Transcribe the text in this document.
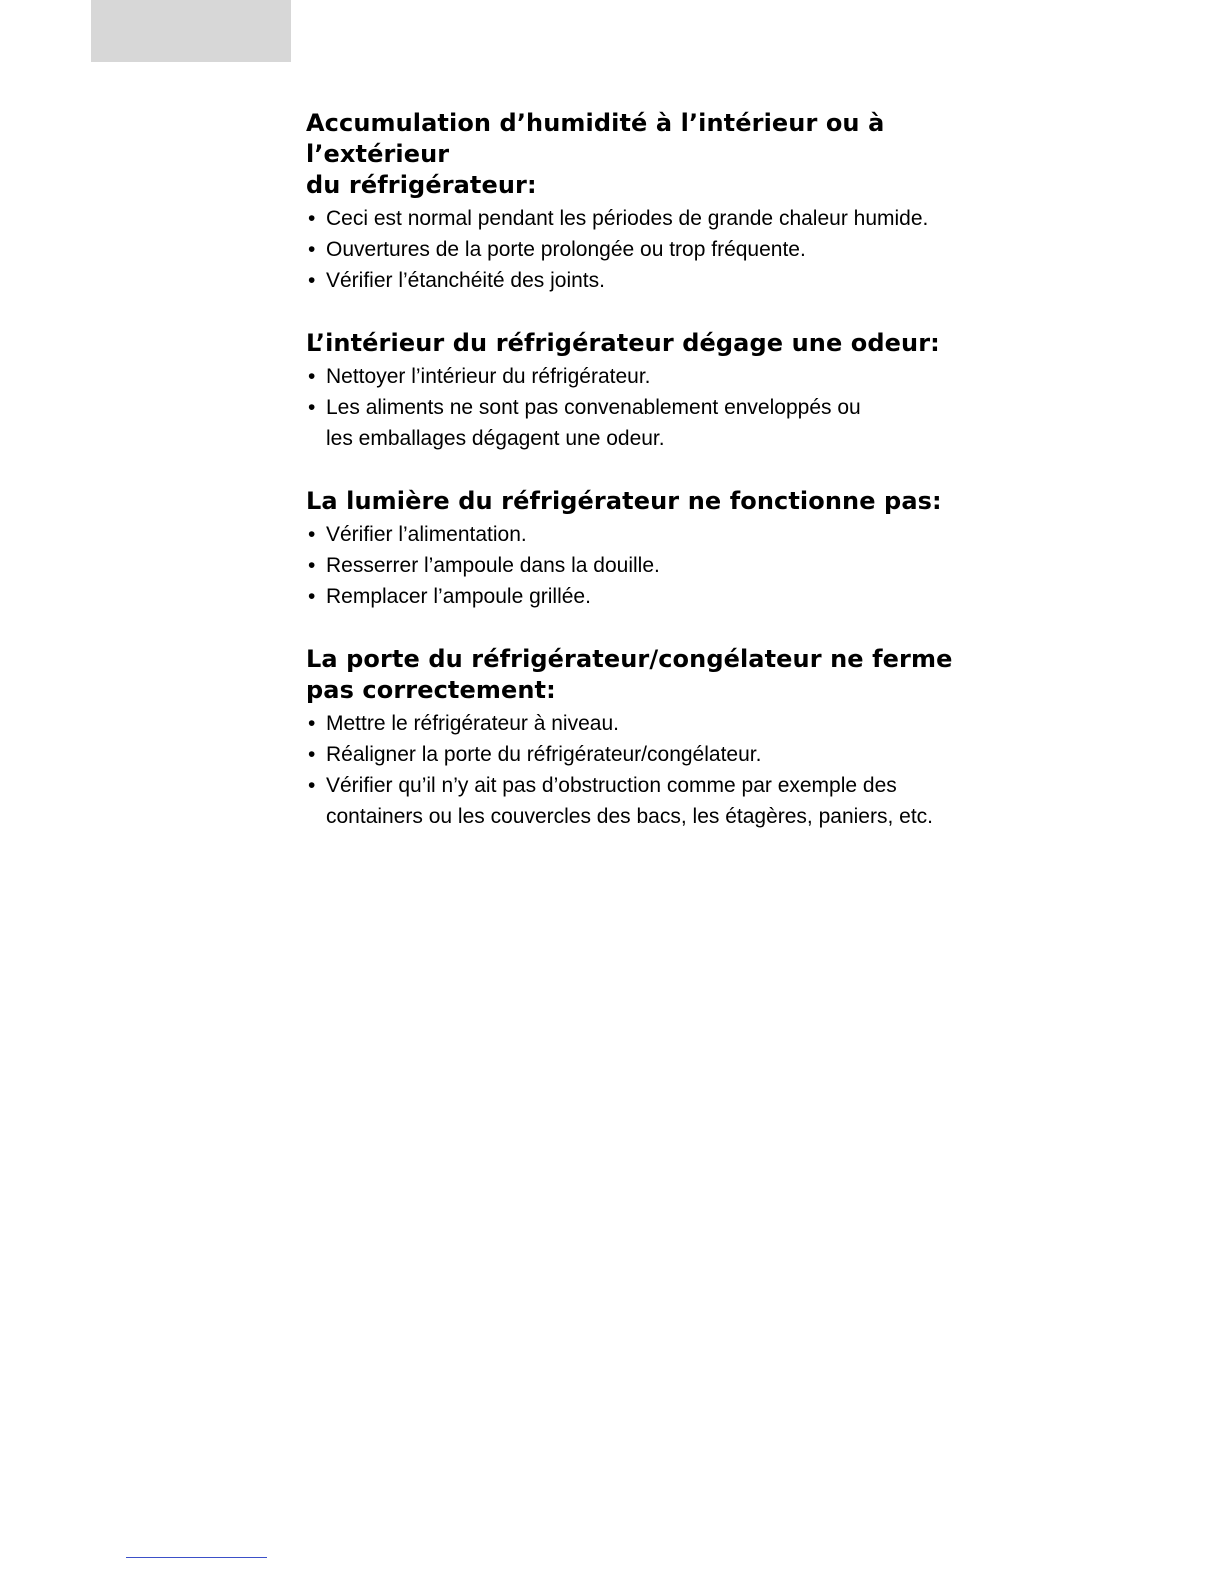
Accumulation d’humidité à l’intérieur ou à l’extérieur
du réfrigérateur:
• Ceci est normal pendant les périodes de grande chaleur humide.
• Ouvertures de la porte prolongée ou trop fréquente.
• Vérifier l’étanchéité des joints.
L’intérieur du réfrigérateur dégage une odeur:
• Nettoyer l’intérieur du réfrigérateur.
• Les aliments ne sont pas convenablement enveloppés ou les emballages dégagent une odeur.
La lumière du réfrigérateur ne fonctionne pas:
• Vérifier l’alimentation.
• Resserrer l’ampoule dans la douille.
• Remplacer l’ampoule grillée.
La porte du réfrigérateur/congélateur ne ferme
pas correctement:
• Mettre le réfrigérateur à niveau.
• Réaligner la porte du réfrigérateur/congélateur.
• Vérifier qu’il n’y ait pas d’obstruction comme par exemple des containers ou les couvercles des bacs, les étagères, paniers, etc.
